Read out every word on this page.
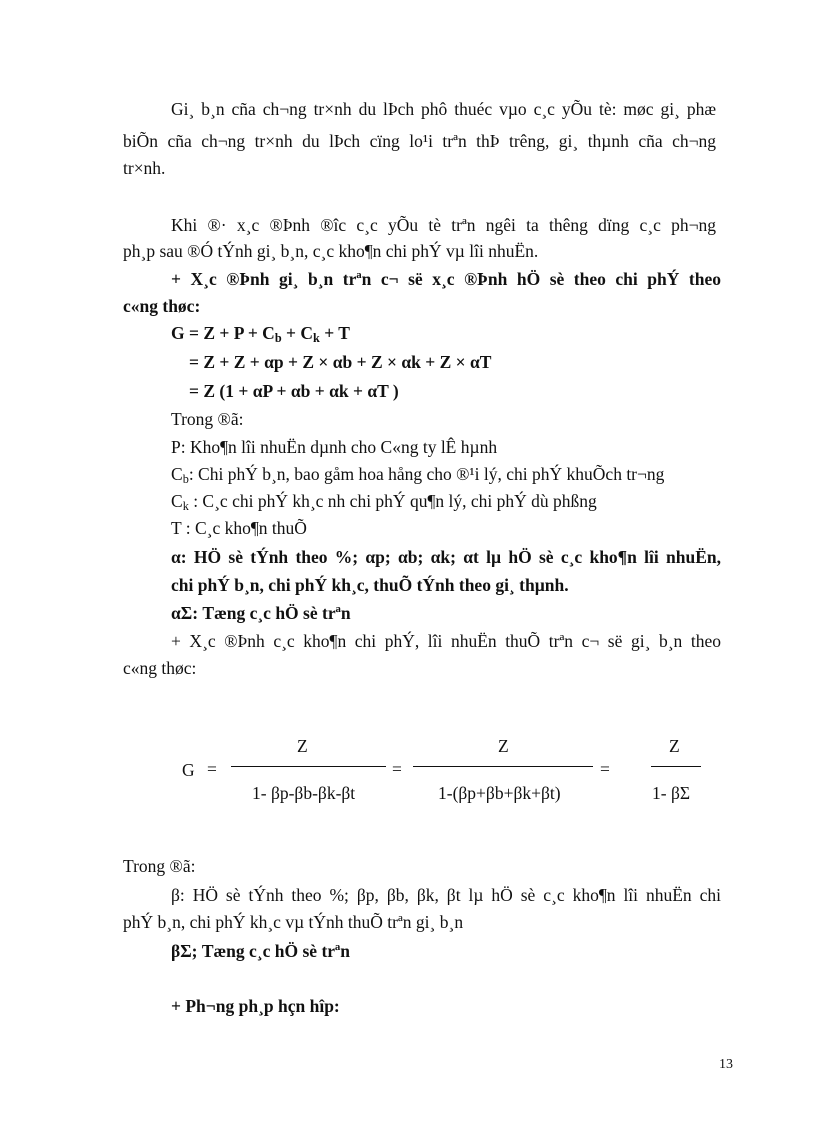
Gi¸ b¸n cña ch¬ng tr×nh du lÞch phô thuéc vµo c¸c yÕu tè: møc gi¸ phæ
biÕn cña ch¬ng tr×nh du lÞch cïng lo¹i trªn thÞ trêng, gi¸ thµnh cña ch¬ng
tr×nh.
Khi ®· x¸c ®Þnh ®îc c¸c yÕu tè trªn ngêi ta thêng dïng c¸c ph¬ng
ph¸p sau ®Ó tÝnh gi¸ b¸n, c¸c kho¶n chi phÝ vµ lîi nhuËn.
+ X¸c ®Þnh gi¸ b¸n trªn c¬ së x¸c ®Þnh hÖ sè theo chi phÝ theo
c«ng thøc:
$G = Z + P + C_b + C_k + T$
= Z + Z + αp + Z × αb + Z × αk + Z × αT
= Z (1 + αP + αb + αk + αT )
Trong ®ã:
P: Kho¶n lîi nhuËn dµnh cho C«ng ty lÊ hµnh
$C_b$: Chi phÝ b¸n, bao gåm hoa hång cho ®¹i lý, chi phÝ khuÕch tr¬ng
$C_k$ : C¸c chi phÝ kh¸c nh chi phÝ qu¶n lý, chi phÝ dù phßng
T : C¸c kho¶n thuÕ
α: HÖ sè tÝnh theo %; αp; αb; αk; αt lµ hÖ sè c¸c kho¶n lîi nhuËn,
chi phÝ b¸n, chi phÝ kh¸c, thuÕ tÝnh theo gi¸ thµnh.
αΣ: Tæng c¸c hÖ sè trªn
+ X¸c ®Þnh c¸c kho¶n chi phÝ, lîi nhuËn thuÕ trªn c¬ së gi¸ b¸n theo
c«ng thøc:
G =
Z
1- βp-βb-βk-βt
=
Z
1-(βp+βb+βk+βt)
=
Z
1- βΣ
Trong ®ã:
β: HÖ sè tÝnh theo %; βp, βb, βk, βt lµ hÖ sè c¸c kho¶n lîi nhuËn chi
phÝ b¸n, chi phÝ kh¸c vµ tÝnh thuÕ trªn gi¸ b¸n
βΣ; Tæng c¸c hÖ sè trªn
+ Ph¬ng ph¸p hçn hîp:
13
